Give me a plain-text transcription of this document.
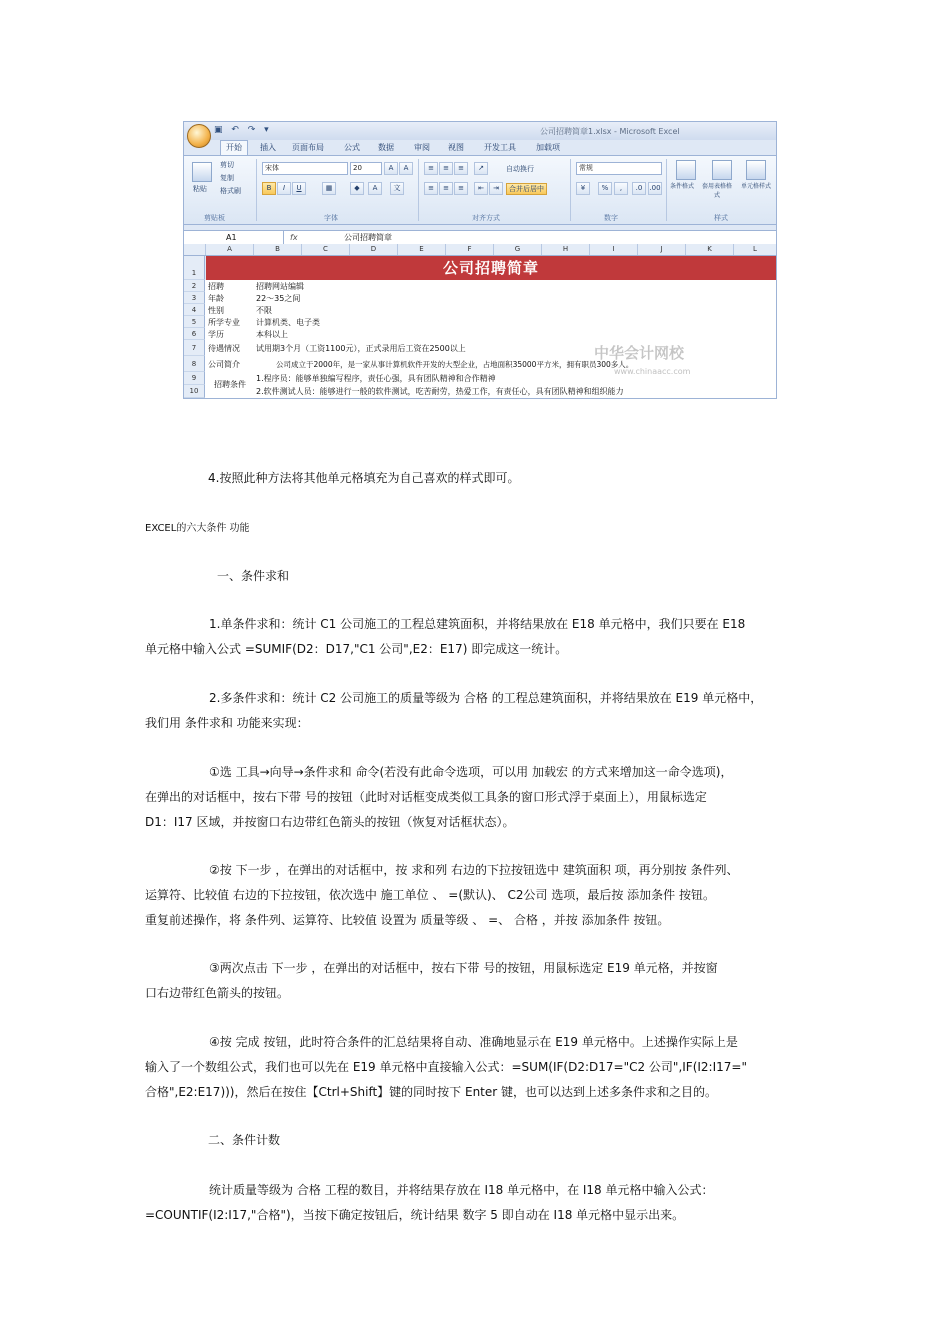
▣ ↶ ↷ ▾	公司招聘简章1.xlsx - Microsoft Excel
开始	插入 页面布局	公式 数据	审阅 视图	开发工具	加载项
粘贴
剪切
复制
格式刷
剪贴板
宋体	20	A	A
B	I	U	▦	◆	A	文
字体
≡	≡	≡	↗	自动换行
≡	≡	≡	⇤	⇥	合并后居中
对齐方式
常规
¥	%	,	.0	.00
数字
条件格式	套用表格格式
单元格样式
样式
A1	fx	公司招聘简章
A	B	C	D	E	F	G	H	I	J	K	L
1
2
3
4
5
6
7
8
9
10
公司招聘简章
招聘	招聘网站编辑
年龄	22～35之间
性别	不限
所学专业 计算机类、电子类
学历	本科以上
待遇情况 试用期3个月（工资1100元），正式录用后工资在2500以上
公司简介	公司成立于2000年，是一家从事计算机软件开发的大型企业，占地面积35000平方米，拥有职员300多人。
招聘条件
1.程序员：能够单独编写程序，责任心强，具有团队精神和合作精神
2.软件测试人员：能够进行一般的软件测试，吃苦耐劳，热爱工作，有责任心，具有团队精神和组织能力
中华会计网校
www.chinaacc.com
4.按照此种方法将其他单元格填充为自己喜欢的样式即可。
EXCEL的六大条件 功能
一、条件求和
1.单条件求和：统计 C1 公司施工的工程总建筑面积，并将结果放在 E18 单元格中，我们只要在 E18
单元格中输入公式 =SUMIF(D2：D17,"C1 公司",E2：E17) 即完成这一统计。
2.多条件求和：统计 C2 公司施工的质量等级为 合格 的工程总建筑面积，并将结果放在 E19 单元格中，
我们用 条件求和 功能来实现：
①选 工具→向导→条件求和 命令(若没有此命令选项，可以用 加载宏 的方式来增加这一命令选项)，
在弹出的对话框中，按右下带 号的按钮（此时对话框变成类似工具条的窗口形式浮于桌面上），用鼠标选定
D1：I17 区域，并按窗口右边带红色箭头的按钮（恢复对话框状态）。
②按 下一步 ，在弹出的对话框中，按 求和列 右边的下拉按钮选中 建筑面积 项，再分别按 条件列、
运算符、比较值 右边的下拉按钮，依次选中 施工单位 、 =(默认)、 C2公司 选项，最后按 添加条件 按钮。
重复前述操作，将 条件列、运算符、比较值 设置为 质量等级 、 =、 合格 ，并按 添加条件 按钮。
③两次点击 下一步 ，在弹出的对话框中，按右下带 号的按钮，用鼠标选定 E19 单元格，并按窗
口右边带红色箭头的按钮。
④按 完成 按钮，此时符合条件的汇总结果将自动、准确地显示在 E19 单元格中。上述操作实际上是
输入了一个数组公式，我们也可以先在 E19 单元格中直接输入公式：=SUM(IF(D2:D17="C2 公司",IF(I2:I17="
合格",E2:E17)))，然后在按住【Ctrl+Shift】键的同时按下 Enter 键，也可以达到上述多条件求和之目的。
二、条件计数
统计质量等级为 合格 工程的数目，并将结果存放在 I18 单元格中，在 I18 单元格中输入公式：
=COUNTIF(I2:I17,"合格")，当按下确定按钮后，统计结果 数字 5 即自动在 I18 单元格中显示出来。
